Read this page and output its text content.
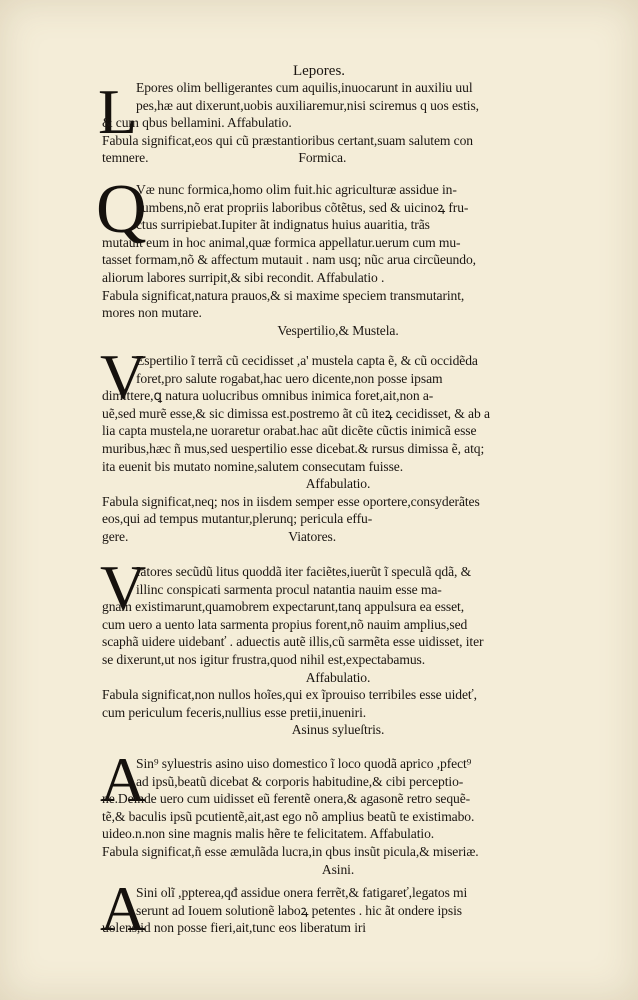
Lepores.
L
Epores olim belligerantes cum aquilis,inuocarunt in auxiliu uul
pes,hæ aut dixerunt,uobis auxiliaremur,nisi sciremus q uos estis,
& cum qbus bellamini. Affabulatio.
Fabula significat,eos qui cũ præstantioribus certant,suam salutem con
temnere.	Formica.
Q
Væ nunc formica,homo olim fuit.hic agriculturæ assidue in-
cumbens,nõ erat propriis laboribus cõtẽtus, sed & uicinoꝝ fru-
ctus surripiebat.Iupiter ãt indignatus huius auaritia, trãs
mutauit eum in hoc animal,quæ formica appellatur.uerum cum mu-
tasset formam,nõ & affectum mutauit . nam usq; nũc arua circũeundo,
aliorum labores surripit,& sibi recondit. Affabulatio .
Fabula significat,natura prauos,& si maxime speciem transmutarint,
mores non mutare.
Vespertilio,& Mustela.
V
Espertilio ĩ terrã cũ cecidisset ,a' mustela capta ẽ, & cũ occidẽda
foret,pro salute rogabat,hac uero dicente,non posse ipsam
dimittere,ꝗ natura uolucribus omnibus inimica foret,ait,non a-
uẽ,sed murẽ esse,& sic dimissa est.postremo ãt cũ iteꝝ cecidisset, & ab a
lia capta mustela,ne uoraretur orabat.hac aũt dicẽte cũctis inimicã esse
muribus,hæc ñ mus,sed uespertilio esse dicebat.& rursus dimissa ẽ, atq;
ita euenit bis mutato nomine,salutem consecutam fuisse.
Affabulatio.
Fabula significat,neq; nos in iisdem semper esse oportere,consyderãtes
eos,qui ad tempus mutantur,plerunq; pericula effu-
gere.	Viatores.
V
Iatores secũdũ litus quoddã iter faciẽtes,iuerũt ĩ speculã qdã, &
illinc conspicati sarmenta procul natantia nauim esse ma-
gnam existimarunt,quamobrem expectarunt,tanq appulsura ea esset,
cum uero a uento lata sarmenta propius forent,nõ nauim amplius,sed
scaphã uidere uidebanť . aduectis autẽ illis,cũ sarmẽta esse uidisset, iter
se dixerunt,ut nos igitur frustra,quod nihil est,expectabamus.
Affabulatio.
Fabula significat,non nullos hoĩes,qui ex ĩprouiso terribiles esse uideť,
cum periculum feceris,nullius esse pretii,inueniri.
Asinus sylueſtris.
A
Sin⁹ syluestris asino uiso domestico ĩ loco quodã aprico ,pfect⁹
ad ipsũ,beatũ dicebat & corporis habitudine,& cibi perceptio-
ne.Deinde uero cum uidisset eũ ferentẽ onera,& agasonẽ retro sequẽ-
tẽ,& baculis ipsũ pcutientẽ,ait,ast ego nõ amplius beatũ te existimabo.
uideo.n.non sine magnis malis hẽre te felicitatem. Affabulatio.
Fabula significat,ñ esse æmulãda lucra,in qbus insũt picula,& miseriæ.
Asini.
A
Sini olĩ ,ppterea,qđ assidue onera ferrẽt,& fatigareť,legatos mi
serunt ad Iouem solutionẽ laboꝝ petentes . hic ãt ondere ipsis
uolens,id non posse fieri,ait,tunc eos liberatum iri
